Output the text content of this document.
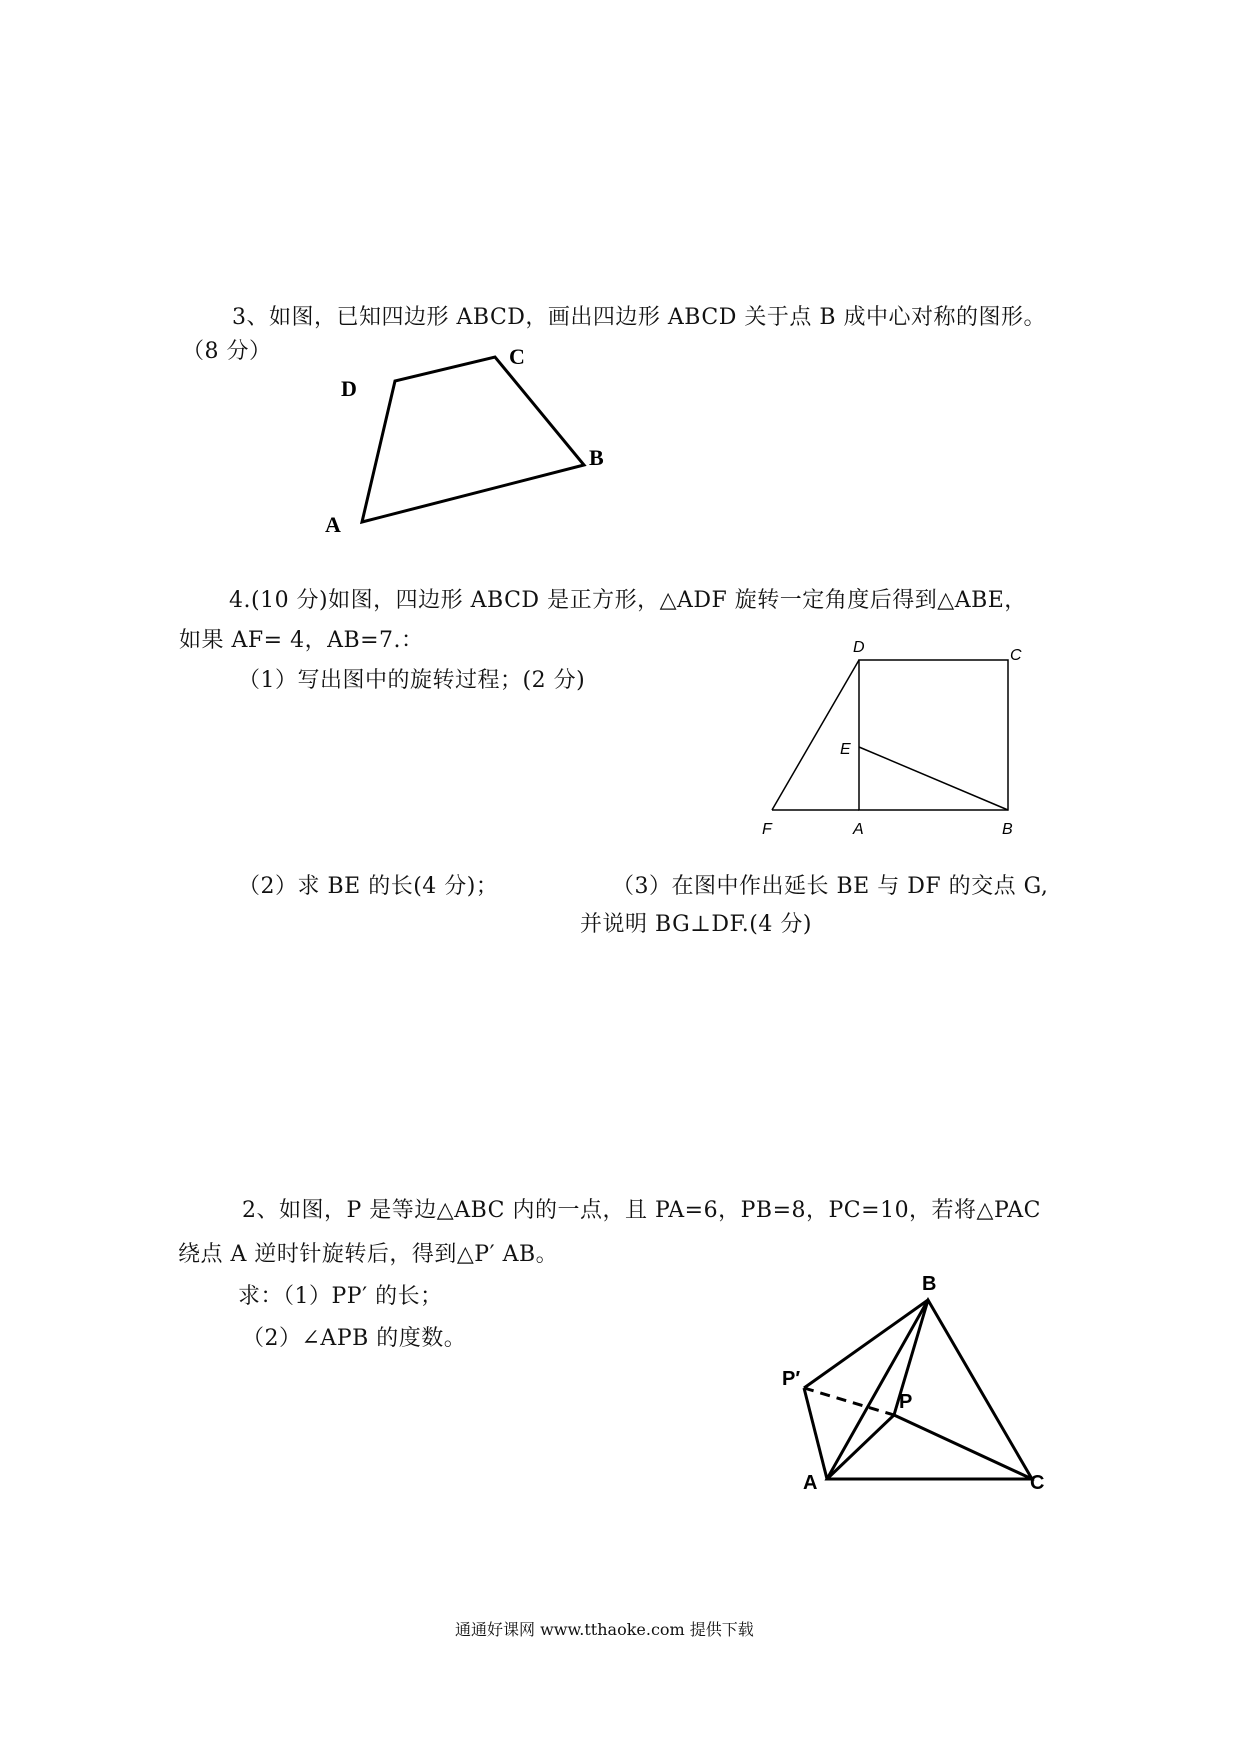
3、如图，已知四边形 ABCD，画出四边形 ABCD 关于点 B 成中心对称的图形。
（8 分）
A
B
C
D
4.(10 分)如图，四边形 ABCD 是正方形，△ADF 旋转一定角度后得到△ABE，
如果 AF= 4，AB=7.：
（1）写出图中的旋转过程；(2 分)
D	C
E
F	A	B
（2）求 BE 的长(4 分)；	（3）在图中作出延长 BE 与 DF 的交点 G,
并说明 BG⊥DF.(4 分)
2、如图，P 是等边△ABC 内的一点，且 PA=6，PB=8，PC=10，若将△PAC
绕点 A 逆时针旋转后，得到△P′ AB。
求：（1）PP′ 的长；
（2）∠APB 的度数。
B
P′
P
A	C
通通好课网 www.tthaoke.com 提供下载
